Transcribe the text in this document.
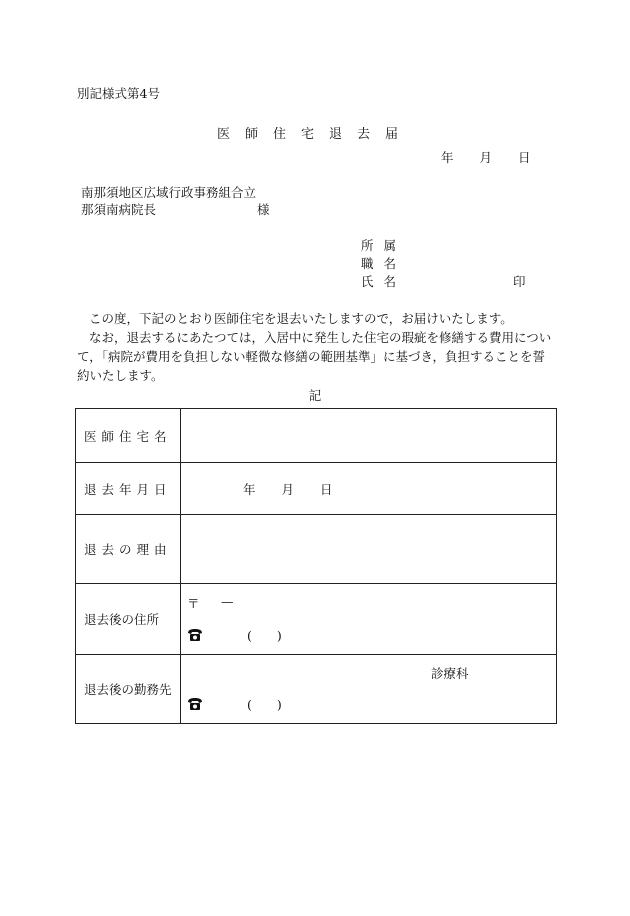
別記様式第4号
医師住宅退去届
年 月 日
南那須地区広域行政事務組合立
那須南病院長	様
所属
職名
氏名	印

この度，下記のとおり医師住宅を退去いたしますので，お届けいたします。

なお，退去するにあたつては，入居中に発生した住宅の瑕疵を修繕する費用について，「病院が費用を負担しない軽微な修繕の範囲基準」に基づき，負担することを誓約いたします。

記
医師住宅名	
退去年月日	年 月 日
退去の理由	
退去後の住所	〒 —
(　　)

退去後の勤務先	診療科
(　　)
